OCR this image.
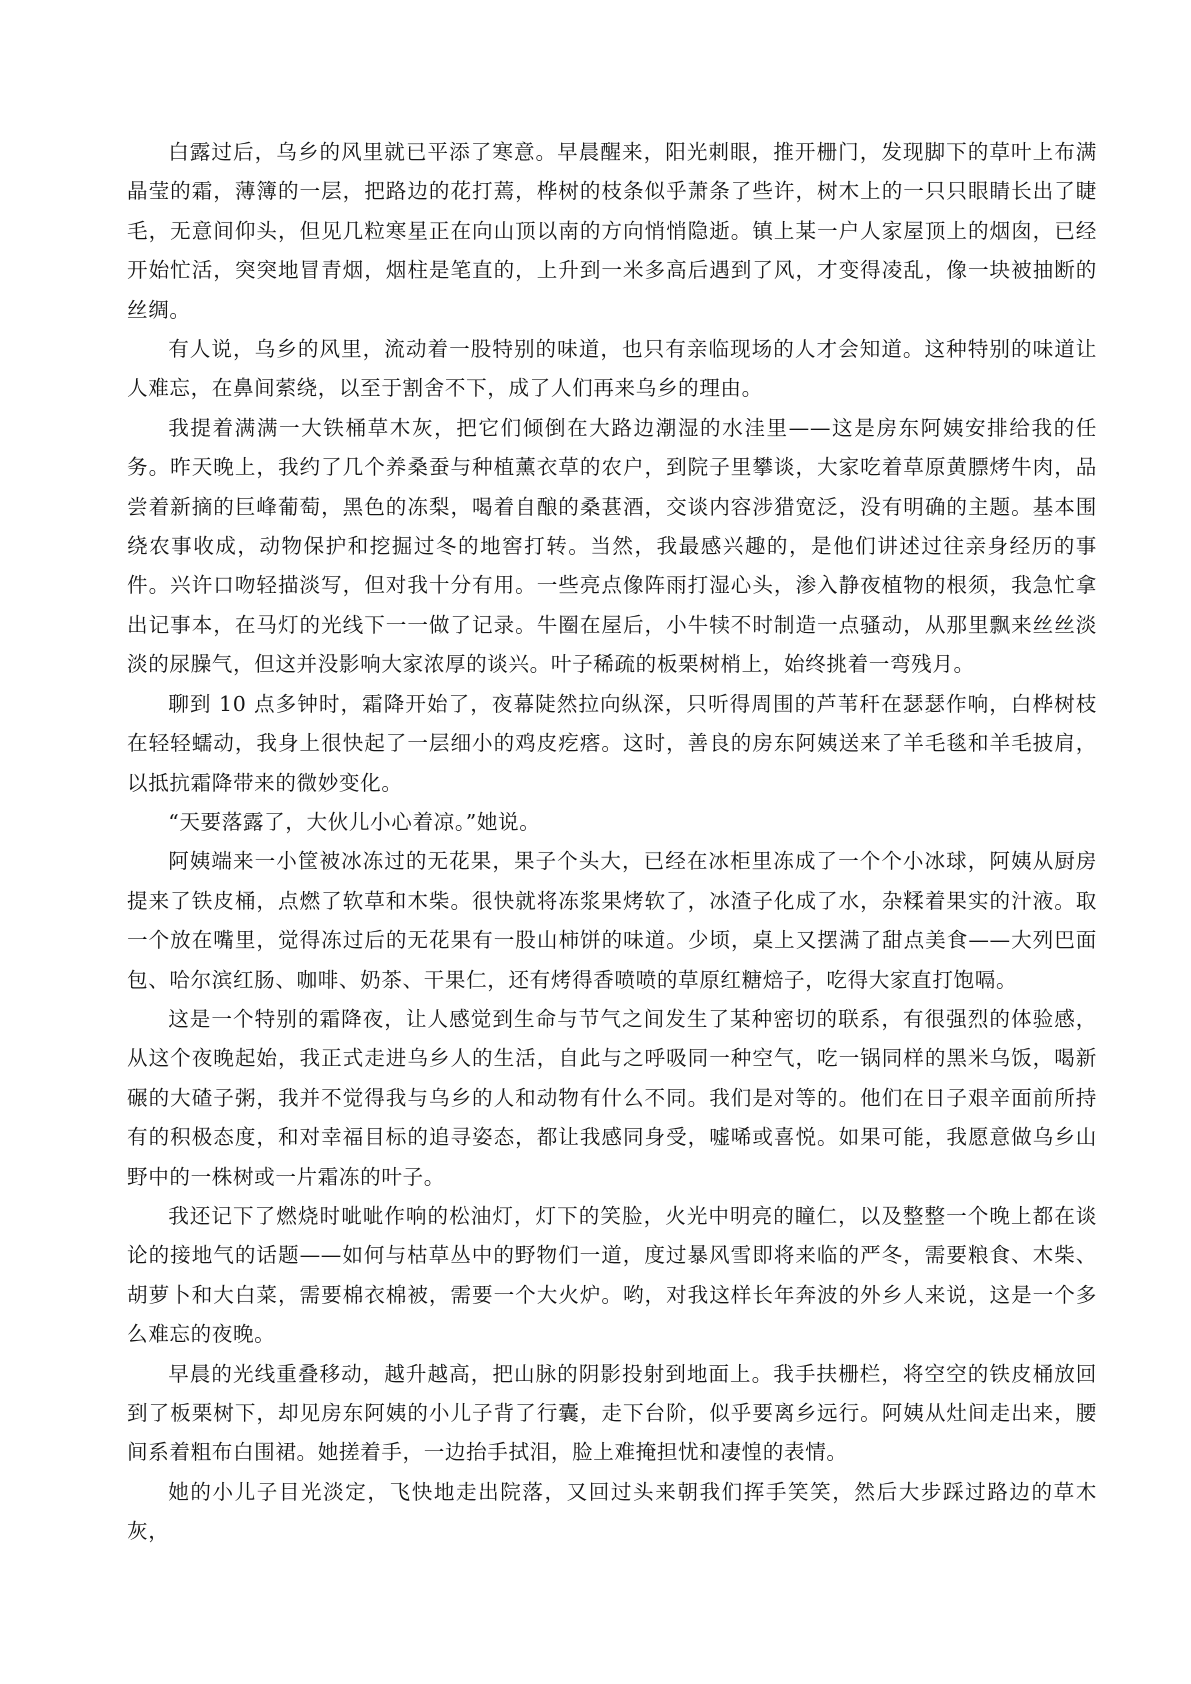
白露过后，乌乡的风里就已平添了寒意。早晨醒来，阳光刺眼，推开栅门，发现脚下的草叶上布满晶莹的霜，薄簿的一层，把路边的花打蔫，桦树的枝条似乎萧条了些许，树木上的一只只眼睛长出了睫毛，无意间仰头，但见几粒寒星正在向山顶以南的方向悄悄隐逝。镇上某一户人家屋顶上的烟囱，已经开始忙活，突突地冒青烟，烟柱是笔直的，上升到一米多高后遇到了风，才变得凌乱，像一块被抽断的丝绸。

有人说，乌乡的风里，流动着一股特别的味道，也只有亲临现场的人才会知道。这种特别的味道让人难忘，在鼻间萦绕，以至于割舍不下，成了人们再来乌乡的理由。

我提着满满一大铁桶草木灰，把它们倾倒在大路边潮湿的水洼里——这是房东阿姨安排给我的任务。昨天晚上，我约了几个养桑蚕与种植薰衣草的农户，到院子里攀谈，大家吃着草原黄膘烤牛肉，品尝着新摘的巨峰葡萄，黑色的冻梨，喝着自酿的桑葚酒，交谈内容涉猎宽泛，没有明确的主题。基本围绕农事收成，动物保护和挖掘过冬的地窖打转。当然，我最感兴趣的，是他们讲述过往亲身经历的事件。兴许口吻轻描淡写，但对我十分有用。一些亮点像阵雨打湿心头，渗入静夜植物的根须，我急忙拿出记事本，在马灯的光线下一一做了记录。牛圈在屋后，小牛犊不时制造一点骚动，从那里飘来丝丝淡淡的尿臊气，但这并没影响大家浓厚的谈兴。叶子稀疏的板栗树梢上，始终挑着一弯残月。

聊到 10 点多钟时，霜降开始了，夜幕陡然拉向纵深，只听得周围的芦苇秆在瑟瑟作响，白桦树枝在轻轻蠕动，我身上很快起了一层细小的鸡皮疙瘩。这时，善良的房东阿姨送来了羊毛毯和羊毛披肩，以抵抗霜降带来的微妙变化。

“天要落露了，大伙儿小心着凉。”她说。

阿姨端来一小筐被冰冻过的无花果，果子个头大，已经在冰柜里冻成了一个个小冰球，阿姨从厨房提来了铁皮桶，点燃了软草和木柴。很快就将冻浆果烤软了，冰渣子化成了水，杂糅着果实的汁液。取一个放在嘴里，觉得冻过后的无花果有一股山柿饼的味道。少顷，桌上又摆满了甜点美食——大列巴面包、哈尔滨红肠、咖啡、奶茶、干果仁，还有烤得香喷喷的草原红糖焙子，吃得大家直打饱嗝。

这是一个特别的霜降夜，让人感觉到生命与节气之间发生了某种密切的联系，有很强烈的体验感，从这个夜晚起始，我正式走进乌乡人的生活，自此与之呼吸同一种空气，吃一锅同样的黑米乌饭，喝新碾的大碴子粥，我并不觉得我与乌乡的人和动物有什么不同。我们是对等的。他们在日子艰辛面前所持有的积极态度，和对幸福目标的追寻姿态，都让我感同身受，嘘唏或喜悦。如果可能，我愿意做乌乡山野中的一株树或一片霜冻的叶子。

我还记下了燃烧时呲呲作响的松油灯，灯下的笑脸，火光中明亮的瞳仁，以及整整一个晚上都在谈论的接地气的话题——如何与枯草丛中的野物们一道，度过暴风雪即将来临的严冬，需要粮食、木柴、胡萝卜和大白菜，需要棉衣棉被，需要一个大火炉。哟，对我这样长年奔波的外乡人来说，这是一个多么难忘的夜晚。

早晨的光线重叠移动，越升越高，把山脉的阴影投射到地面上。我手扶栅栏，将空空的铁皮桶放回到了板栗树下，却见房东阿姨的小儿子背了行囊，走下台阶，似乎要离乡远行。阿姨从灶间走出来，腰间系着粗布白围裙。她搓着手，一边抬手拭泪，脸上难掩担忧和凄惶的表情。

她的小儿子目光淡定，飞快地走出院落，又回过头来朝我们挥手笑笑，然后大步踩过路边的草木灰，
